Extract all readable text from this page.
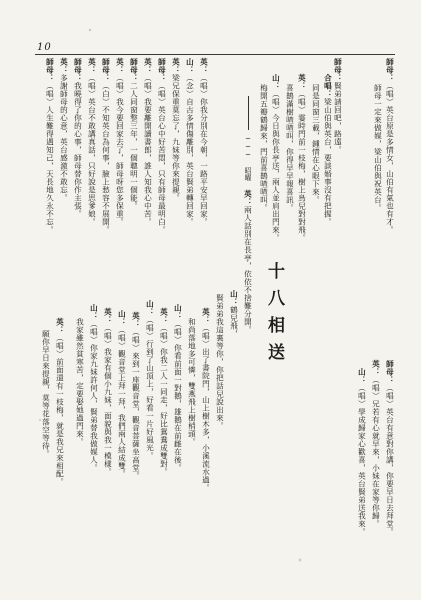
10
十八相送
─── 昭曜
師母：（唱）英台原是多情女，山伯有氣也有才。
師母一定來做媒，梁山伯與祝英台。
合唱：梁山伯與英台，要談婚事沒有把握。
同是同窗三載，鍾情在心眼下來。
英：（唱）霎時門前一枝梅，樹上鳥兒對對飛。
喜鵲滿樹喳喳叫，你得早早報喜訊。
山：（唱）今日與你長亭送，兩人並肩出門來。
梅開五瓣鶴歸來，門前喜鵲喳喳叫。
英：兩人話別在長亭，依依不捨難分開。
山：鶴兒飛，
賢弟弟我這裏等你，你把話兒說出來。
英：（唱）出了書院門，山上樹木多，小溪流水過。
和尚落地多可憐，雙燕飛上樹梢頭。
山：（唱）你看前面一對鵝，雄鵝在前雌在後。
英：（唱）你我二人一同走，好比鴛鴦成雙對。
山：（唱）行到了山頂上，好看一片好風光。
英：（唱）來到一座觀音堂，觀音菩薩坐高堂。
山：（唱）觀音堂上拜一拜，我們兩人結成雙。
英：（唱）我家有個小九妹，面貌與我一模樣。
山：（唱）你家九妹許何人，賢弟替我做媒人。
我家雖然貧寒苦，定要娶她過門來。
英：（唱）前面還有一枝梅，就是我兄來相配。
願你早日來提親，莫等花落空等待。	師母：（唱）英台有意對你講，你要早日去拜堂。
英：（唱）兄若有心就早來，小妹在家等你歸。
山：（唱）學成歸家心歡喜，英台賢弟送我來。
師母：賢弟請回吧，路遠。
英：（唱）你我分別在今朝，一路平安早回家。
山：（念）自古多情傷離別，英台賢弟轉回家。
英：梁兄保重莫忘了，九妹等你來提親。
師母：（唱）英台心中好苦悶，只有師母最明白。
英：（唱）我要離開讀書郎，誰人知我心中苦。
師母：二人同窗整三年，一個聰明一個能。
英：（唱）我今要回家去了，師母呀您多保重。
師母：（白）不知英台為何事，臉上愁容不展開。
英：（唱）英台不敢講真話，只好說是思爹娘。
師母：我曉得了你的心事，師母替你作主張。
英：多謝師母的心意，英台感激不敢忘。
師母：（唱）人生難得遇知己，天長地久永不忘。
